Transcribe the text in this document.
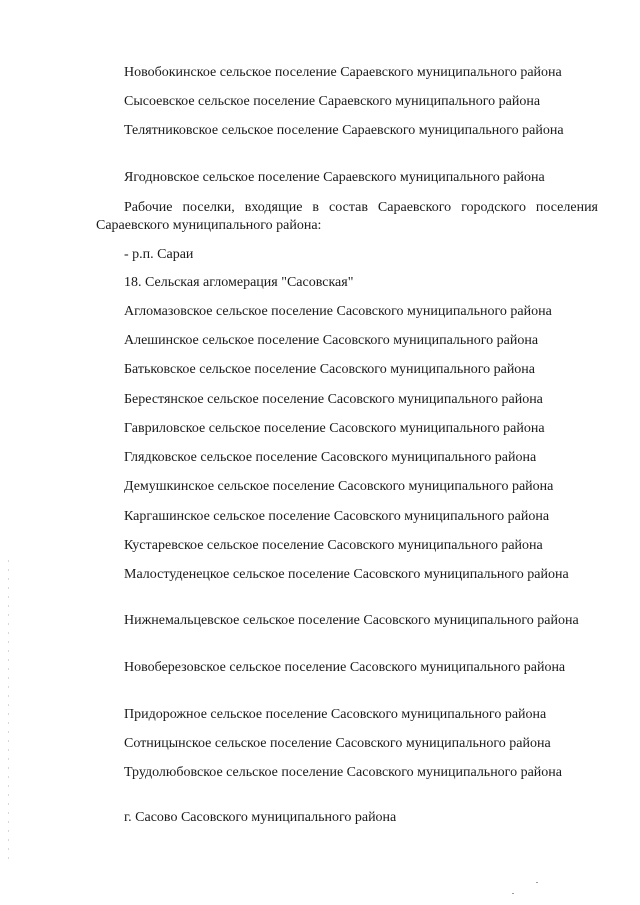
Новобокинское сельское поселение Сараевского муниципального района

Сысоевское сельское поселение Сараевского муниципального района

Телятниковское сельское поселение Сараевского муниципального района

Ягодновское сельское поселение Сараевского муниципального района

Рабочие поселки, входящие в состав Сараевского городского поселения Сараевского муниципального района:

- р.п. Сараи

18. Сельская агломерация "Сасовская"

Агломазовское сельское поселение Сасовского муниципального района

Алешинское сельское поселение Сасовского муниципального района

Батьковское сельское поселение Сасовского муниципального района

Берестянское сельское поселение Сасовского муниципального района

Гавриловское сельское поселение Сасовского муниципального района

Глядковское сельское поселение Сасовского муниципального района

Демушкинское сельское поселение Сасовского муниципального района

Каргашинское сельское поселение Сасовского муниципального района

Кустаревское сельское поселение Сасовского муниципального района

Малостуденецкое сельское поселение Сасовского муниципального района

Нижнемальцевское сельское поселение Сасовского муниципального района

Новоберезовское сельское поселение Сасовского муниципального района

Придорожное сельское поселение Сасовского муниципального района

Сотницынское сельское поселение Сасовского муниципального района

Трудолюбовское сельское поселение Сасовского муниципального района

г. Сасово Сасовского муниципального района
